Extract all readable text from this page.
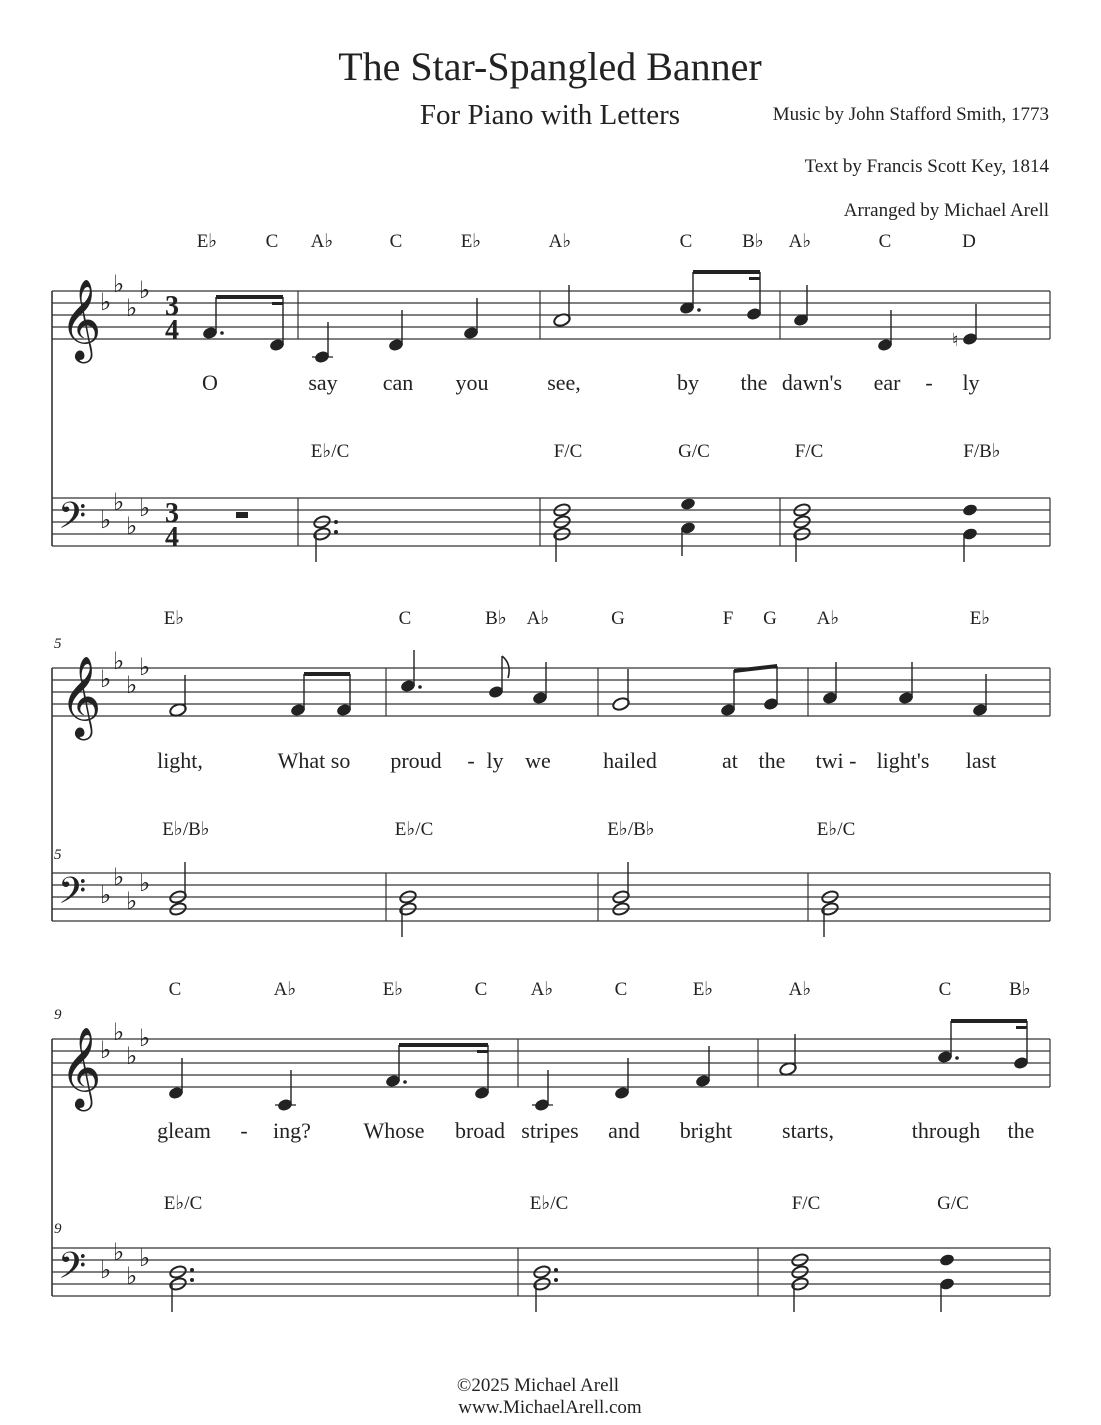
The Star-Spangled Banner
For Piano with Letters	Music by John Stafford Smith, 1773
Text by Francis Scott Key, 1814
Arranged by Michael Arell
E♭	C A♭	C	E♭	A♭	C	B♭ A♭	C	D
𝄞
♭
♭
♭
♭
3
4	♮
O	say can you	see,	by the dawn's ear - ly
E♭/C	F/C	G/C	F/C	F/B♭
𝄢 ♭
♭
♭
♭ 3
4
5
E♭	C	B♭ A♭	G	F G A♭	E♭
𝄞
♭
♭
♭
♭
light,	What so proud - ly we hailed	at the twi - light's last
E♭/B♭	E♭/C	E♭/B♭	E♭/C
5
𝄢 ♭
♭
♭
♭
9
C	A♭	E♭	C A♭	C	E♭	A♭	C	B♭
𝄞
♭
♭
♭
♭
gleam - ing? Whose broad stripes and bright starts,	through the
E♭/C	E♭/C	F/C	G/C
9
𝄢 ♭
♭
♭
♭
©2025 Michael Arell
www.MichaelArell.com
